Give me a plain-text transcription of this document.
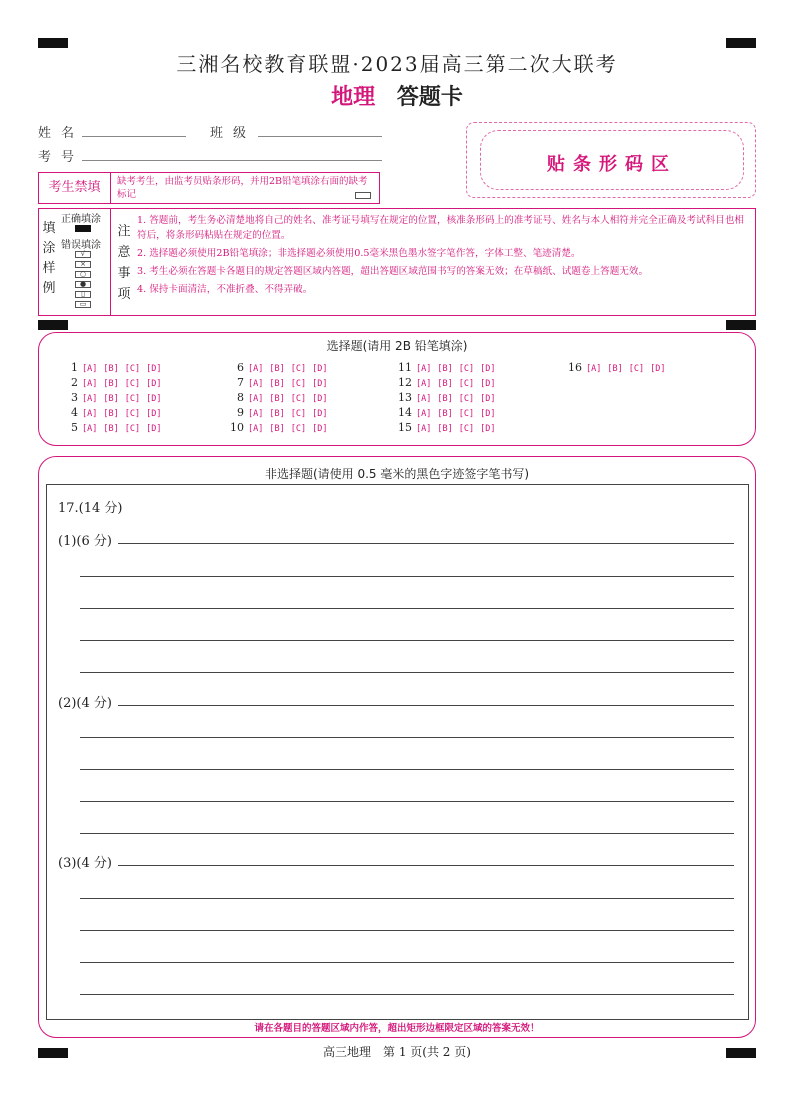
三湘名校教育联盟·2023届高三第二次大联考
地理 答题卡
姓名	班级
考号	贴条形码区
考生禁填	缺考考生，由监考员贴条形码，并用2B铅笔填涂右面的缺考标记
填涂样例
正确填涂
错误填涂
√
×
○
●
▯
▭
注意事项

1. 答题前，考生务必清楚地将自己的姓名、准考证号填写在规定的位置，核准条形码上的准考证号、姓名与本人相符并完全正确及考试科目也相符后，将条形码粘贴在规定的位置。

2. 选择题必须使用2B铅笔填涂；非选择题必须使用0.5毫米黑色墨水签字笔作答，字体工整、笔迹清楚。

3. 考生必须在答题卡各题目的规定答题区域内答题，超出答题区域范围书写的答案无效；在草稿纸、试题卷上答题无效。

4. 保持卡面清洁，不准折叠、不得弄破。

选择题(请用 2B 铅笔填涂)
1 [A] [B] [C] [D]
2 [A] [B] [C] [D]
3 [A] [B] [C] [D]
4 [A] [B] [C] [D]
5 [A] [B] [C] [D]
6 [A] [B] [C] [D]
7 [A] [B] [C] [D]
8 [A] [B] [C] [D]
9 [A] [B] [C] [D]
10 [A] [B] [C] [D]
11 [A] [B] [C] [D]
12 [A] [B] [C] [D]
13 [A] [B] [C] [D]
14 [A] [B] [C] [D]
15 [A] [B] [C] [D]
16 [A] [B] [C] [D]
非选择题(请使用 0.5 毫米的黑色字迹签字笔书写)
17.(14 分)
(1)(6 分)
(2)(4 分)
(3)(4 分)
请在各题目的答题区域内作答，超出矩形边框限定区域的答案无效！
高三地理　第 1 页(共 2 页)
